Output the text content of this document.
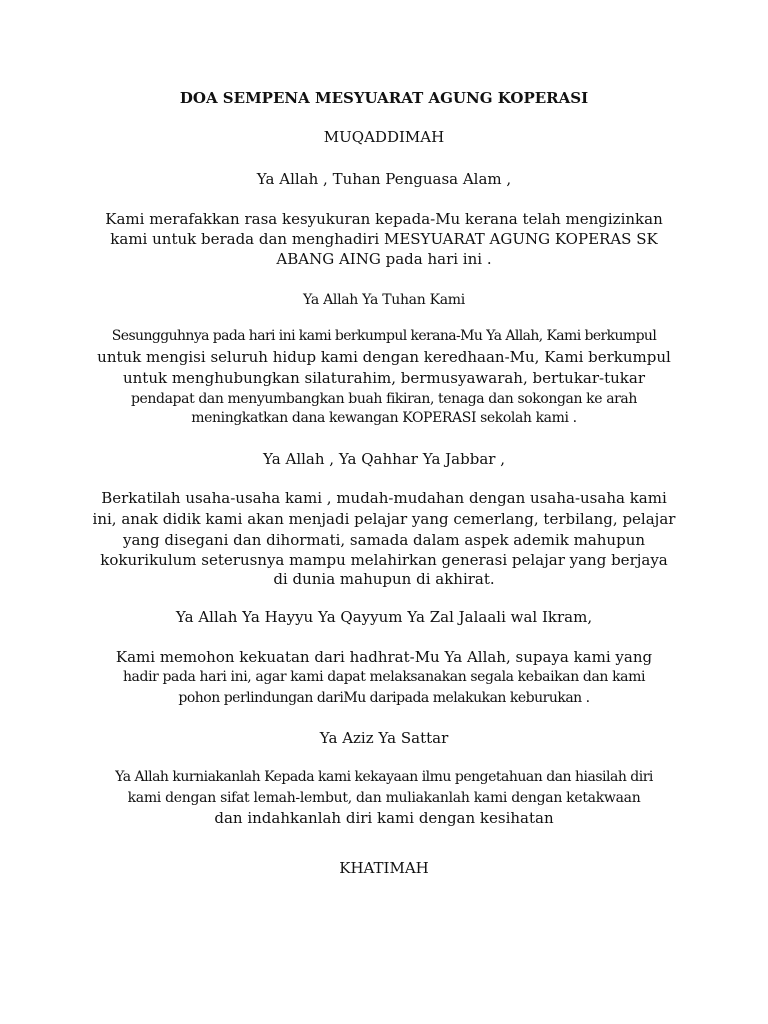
DOA SEMPENA MESYUARAT AGUNG KOPERASI
MUQADDIMAH
Ya Allah , Tuhan Penguasa Alam ,
Kami merafakkan rasa kesyukuran kepada-Mu kerana telah mengizinkan
kami untuk berada dan menghadiri MESYUARAT AGUNG KOPERAS SK
ABANG AING pada hari ini .
Ya Allah Ya Tuhan Kami
Sesungguhnya pada hari ini kami berkumpul kerana-Mu Ya Allah, Kami berkumpul
untuk mengisi seluruh hidup kami dengan keredhaan-Mu, Kami berkumpul
untuk menghubungkan silaturahim, bermusyawarah, bertukar-tukar
pendapat dan menyumbangkan buah fikiran, tenaga dan sokongan ke arah
meningkatkan dana kewangan KOPERASI sekolah kami .
Ya Allah , Ya Qahhar Ya Jabbar ,
Berkatilah usaha-usaha kami , mudah-mudahan dengan usaha-usaha kami
ini, anak didik kami akan menjadi pelajar yang cemerlang, terbilang, pelajar
yang disegani dan dihormati, samada dalam aspek ademik mahupun
kokurikulum seterusnya mampu melahirkan generasi pelajar yang berjaya
di dunia mahupun di akhirat.
Ya Allah Ya Hayyu Ya Qayyum Ya Zal Jalaali wal Ikram,
Kami memohon kekuatan dari hadhrat-Mu Ya Allah, supaya kami yang
hadir pada hari ini, agar kami dapat melaksanakan segala kebaikan dan kami
pohon perlindungan dariMu daripada melakukan keburukan .
Ya Aziz Ya Sattar
Ya Allah kurniakanlah Kepada kami kekayaan ilmu pengetahuan dan hiasilah diri
kami dengan sifat lemah-lembut, dan muliakanlah kami dengan ketakwaan
dan indahkanlah diri kami dengan kesihatan
KHATIMAH
